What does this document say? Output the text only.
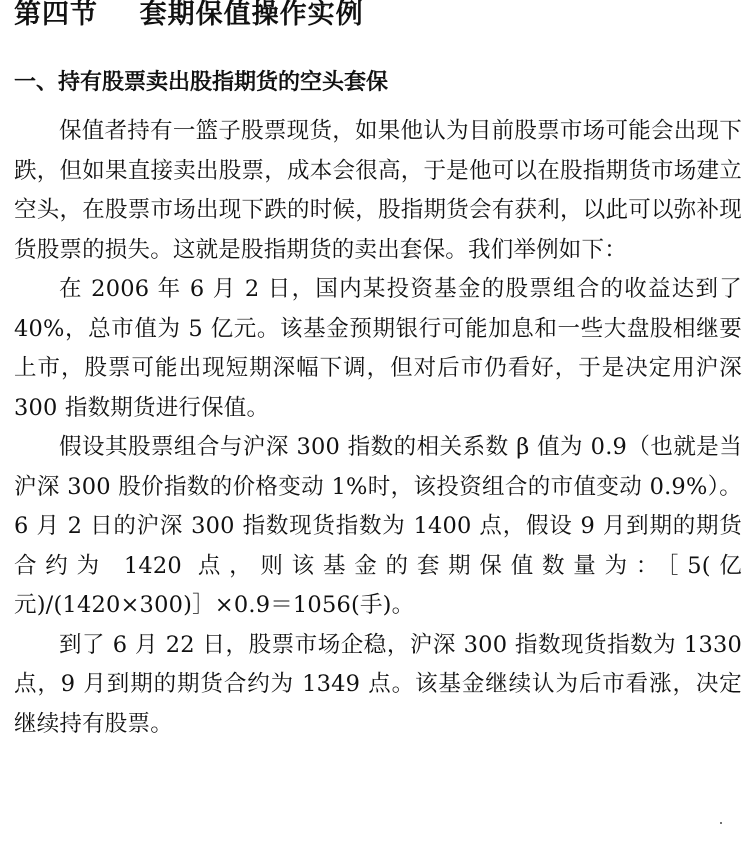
第四节    套期保值操作实例
一、持有股票卖出股指期货的空头套保

保值者持有一篮子股票现货，如果他认为目前股票市场可能会出现下跌，但如果直接卖出股票，成本会很高，于是他可以在股指期货市场建立空头，在股票市场出现下跌的时候，股指期货会有获利，以此可以弥补现货股票的损失。这就是股指期货的卖出套保。我们举例如下：

在 2006 年 6 月 2 日，国内某投资基金的股票组合的收益达到了 40%，总市值为 5 亿元。该基金预期银行可能加息和一些大盘股相继要上市，股票可能出现短期深幅下调，但对后市仍看好，于是决定用沪深 300 指数期货进行保值。

假设其股票组合与沪深 300 指数的相关系数 β 值为 0.9（也就是当沪深 300 股价指数的价格变动 1%时，该投资组合的市值变动 0.9%）。6 月 2 日的沪深 300 指数现货指数为 1400 点，假设 9 月到期的期货合约为 1420 点，则该基金的套期保值数量为：［5(亿元)/(1420×300)］×0.9＝1056(手)。

到了 6 月 22 日，股票市场企稳，沪深 300 指数现货指数为 1330点，9 月到期的期货合约为 1349 点。该基金继续认为后市看涨，决定继续持有股票。
